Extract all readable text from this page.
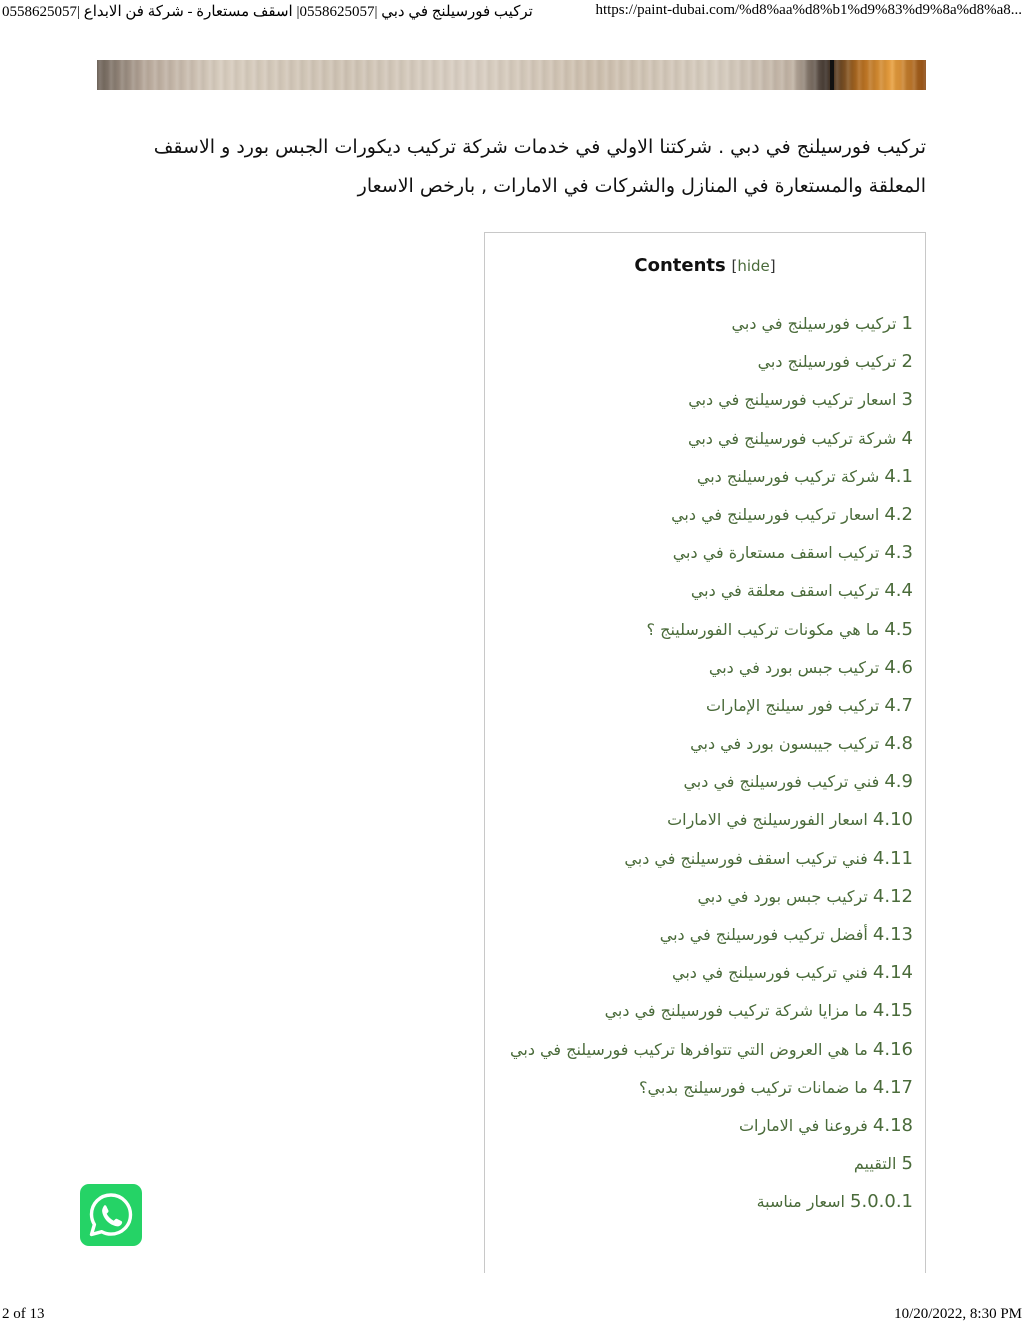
تركيب فورسيلنج في دبي |0558625057| اسقف مستعارة - شركة فن الابداع |0558625057	https://paint-dubai.com/%d8%aa%d8%b1%d9%83%d9%8a%d8%a8...

تركيب فورسيلنج في دبي . شركتنا الاولي في خدمات شركة تركيب ديكورات الجبس بورد و الاسقف المعلقة والمستعارة في المنازل والشركات في الامارات , بارخص الاسعار

Contents [hide]
1 تركيب فورسيلنج في دبي
2 تركيب فورسيلنج دبي
3 اسعار تركيب فورسيلنج في دبي
4 شركة تركيب فورسيلنج في دبي
4.1 شركة تركيب فورسيلنج دبي
4.2 اسعار تركيب فورسيلنج في دبي
4.3 تركيب اسقف مستعارة في دبي
4.4 تركيب اسقف معلقة في دبي
4.5 ما هي مكونات تركيب الفورسلينج ؟
4.6 تركيب جبس بورد في دبي
4.7 تركيب فور سيلنج الإمارات
4.8 تركيب جيبسون بورد في دبي
4.9 فني تركيب فورسيلنج في دبي
4.10 اسعار الفورسيلنج في الامارات
4.11 فني تركيب اسقف فورسيلنج في دبي
4.12 تركيب جبس بورد في دبي
4.13 أفضل تركيب فورسيلنج في دبي
4.14 فني تركيب فورسيلنج في دبي
4.15 ما مزايا شركة تركيب فورسيلنج في دبي
4.16 ما هي العروض التي تتوافرها تركيب فورسيلنج في دبي
4.17 ما ضمانات تركيب فورسيلنج بدبي؟
4.18 فروعنا في الامارات
5 التقييم
5.0.0.1 اسعار مناسبة
2 of 13	10/20/2022, 8:30 PM
